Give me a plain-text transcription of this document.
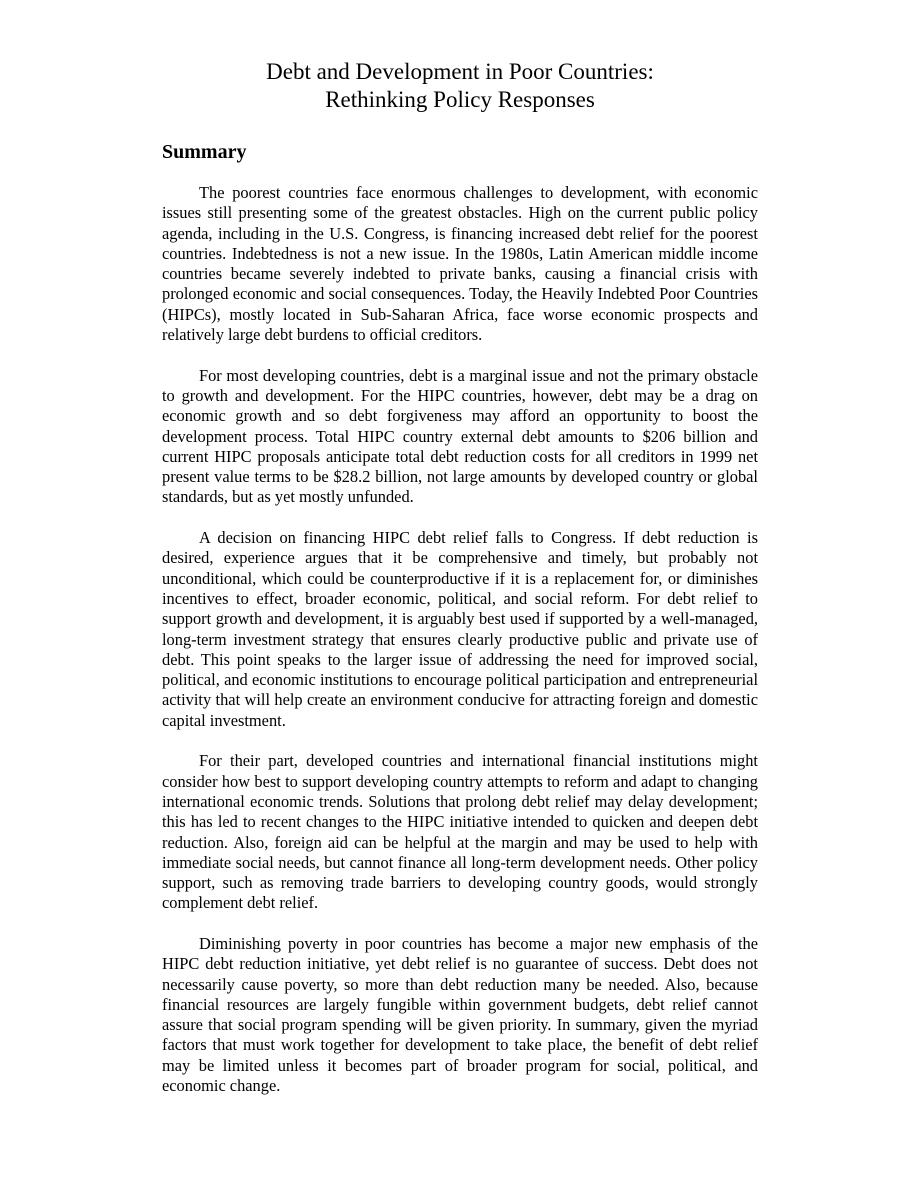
Debt and Development in Poor Countries:
Rethinking Policy Responses
Summary

The poorest countries face enormous challenges to development, with economic issues still presenting some of the greatest obstacles. High on the current public policy agenda, including in the U.S. Congress, is financing increased debt relief for the poorest countries. Indebtedness is not a new issue. In the 1980s, Latin American middle income countries became severely indebted to private banks, causing a financial crisis with prolonged economic and social consequences. Today, the Heavily Indebted Poor Countries (HIPCs), mostly located in Sub-Saharan Africa, face worse economic prospects and relatively large debt burdens to official creditors.

For most developing countries, debt is a marginal issue and not the primary obstacle to growth and development. For the HIPC countries, however, debt may be a drag on economic growth and so debt forgiveness may afford an opportunity to boost the development process. Total HIPC country external debt amounts to $206 billion and current HIPC proposals anticipate total debt reduction costs for all creditors in 1999 net present value terms to be $28.2 billion, not large amounts by developed country or global standards, but as yet mostly unfunded.

A decision on financing HIPC debt relief falls to Congress. If debt reduction is desired, experience argues that it be comprehensive and timely, but probably not unconditional, which could be counterproductive if it is a replacement for, or diminishes incentives to effect, broader economic, political, and social reform. For debt relief to support growth and development, it is arguably best used if supported by a well-managed, long-term investment strategy that ensures clearly productive public and private use of debt. This point speaks to the larger issue of addressing the need for improved social, political, and economic institutions to encourage political participation and entrepreneurial activity that will help create an environment conducive for attracting foreign and domestic capital investment.

For their part, developed countries and international financial institutions might consider how best to support developing country attempts to reform and adapt to changing international economic trends. Solutions that prolong debt relief may delay development; this has led to recent changes to the HIPC initiative intended to quicken and deepen debt reduction. Also, foreign aid can be helpful at the margin and may be used to help with immediate social needs, but cannot finance all long-term development needs. Other policy support, such as removing trade barriers to developing country goods, would strongly complement debt relief.

Diminishing poverty in poor countries has become a major new emphasis of the HIPC debt reduction initiative, yet debt relief is no guarantee of success. Debt does not necessarily cause poverty, so more than debt reduction many be needed. Also, because financial resources are largely fungible within government budgets, debt relief cannot assure that social program spending will be given priority. In summary, given the myriad factors that must work together for development to take place, the benefit of debt relief may be limited unless it becomes part of broader program for social, political, and economic change.
